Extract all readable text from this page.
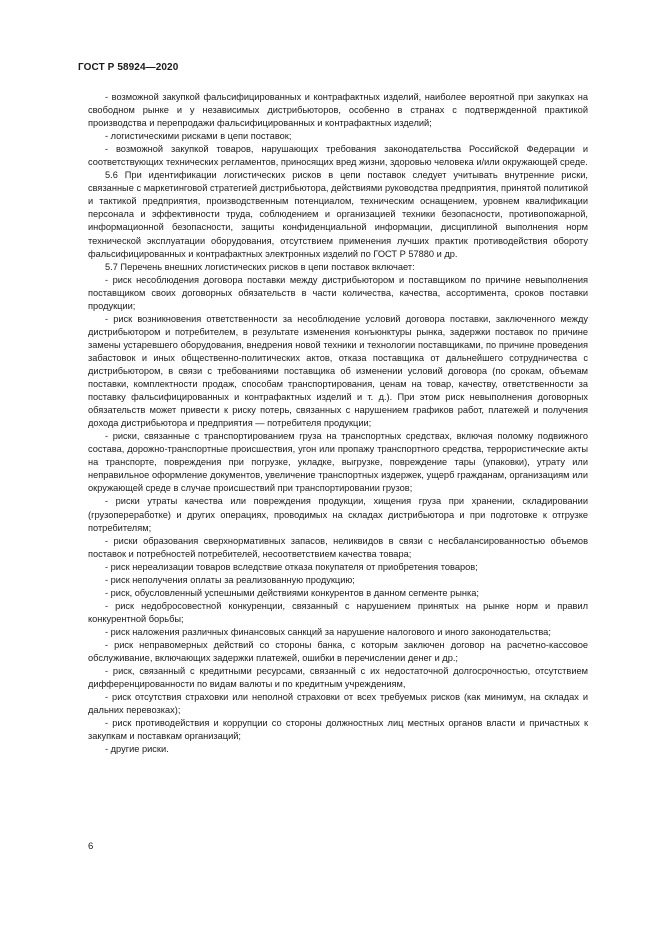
ГОСТ Р 58924—2020

- возможной закупкой фальсифицированных и контрафактных изделий, наиболее вероятной при закупках на свободном рынке и у независимых дистрибьюторов, особенно в странах с подтвержденной практикой производства и перепродажи фальсифицированных и контрафактных изделий;

- логистическими рисками в цепи поставок;

- возможной закупкой товаров, нарушающих требования законодательства Российской Федерации и соответствующих технических регламентов, приносящих вред жизни, здоровью человека и/или окружающей среде.

5.6 При идентификации логистических рисков в цепи поставок следует учитывать внутренние риски, связанные с маркетинговой стратегией дистрибьютора, действиями руководства предприятия, принятой политикой и тактикой предприятия, производственным потенциалом, техническим оснащением, уровнем квалификации персонала и эффективности труда, соблюдением и организацией техники безопасности, противопожарной, информационной безопасности, защиты конфиденциальной информации, дисциплиной выполнения норм технической эксплуатации оборудования, отсутствием применения лучших практик противодействия обороту фальсифицированных и контрафактных электронных изделий по ГОСТ Р 57880 и др.

5.7 Перечень внешних логистических рисков в цепи поставок включает:

- риск несоблюдения договора поставки между дистрибьютором и поставщиком по причине невыполнения поставщиком своих договорных обязательств в части количества, качества, ассортимента, сроков поставки продукции;

- риск возникновения ответственности за несоблюдение условий договора поставки, заключенного между дистрибьютором и потребителем, в результате изменения конъюнктуры рынка, задержки поставок по причине замены устаревшего оборудования, внедрения новой техники и технологии поставщиками, по причине проведения забастовок и иных общественно-политических актов, отказа поставщика от дальнейшего сотрудничества с дистрибьютором, в связи с требованиями поставщика об изменении условий договора (по срокам, объемам поставки, комплектности продаж, способам транспортирования, ценам на товар, качеству, ответственности за поставку фальсифицированных и контрафактных изделий и т. д.). При этом риск невыполнения договорных обязательств может привести к риску потерь, связанных с нарушением графиков работ, платежей и получения дохода дистрибьютора и предприятия — потребителя продукции;

- риски, связанные с транспортированием груза на транспортных средствах, включая поломку подвижного состава, дорожно-транспортные происшествия, угон или пропажу транспортного средства, террористические акты на транспорте, повреждения при погрузке, укладке, выгрузке, повреждение тары (упаковки), утрату или неправильное оформление документов, увеличение транспортных издержек, ущерб гражданам, организациям или окружающей среде в случае происшествий при транспортировании грузов;

- риски утраты качества или повреждения продукции, хищения груза при хранении, складировании (грузопереработке) и других операциях, проводимых на складах дистрибьютора и при подготовке к отгрузке потребителям;

- риски образования сверхнормативных запасов, неликвидов в связи с несбалансированностью объемов поставок и потребностей потребителей, несоответствием качества товара;

- риск нереализации товаров вследствие отказа покупателя от приобретения товаров;

- риск неполучения оплаты за реализованную продукцию;

- риск, обусловленный успешными действиями конкурентов в данном сегменте рынка;

- риск недобросовестной конкуренции, связанный с нарушением принятых на рынке норм и правил конкурентной борьбы;

- риск наложения различных финансовых санкций за нарушение налогового и иного законодательства;

- риск неправомерных действий со стороны банка, с которым заключен договор на расчетно-кассовое обслуживание, включающих задержки платежей, ошибки в перечислении денег и др.;

- риск, связанный с кредитными ресурсами, связанный с их недостаточной долгосрочностью, отсутствием дифференцированности по видам валюты и по кредитным учреждениям,

- риск отсутствия страховки или неполной страховки от всех требуемых рисков (как минимум, на складах и дальних перевозках);

- риск противодействия и коррупции со стороны должностных лиц местных органов власти и причастных к закупкам и поставкам организаций;

- другие риски.

6
